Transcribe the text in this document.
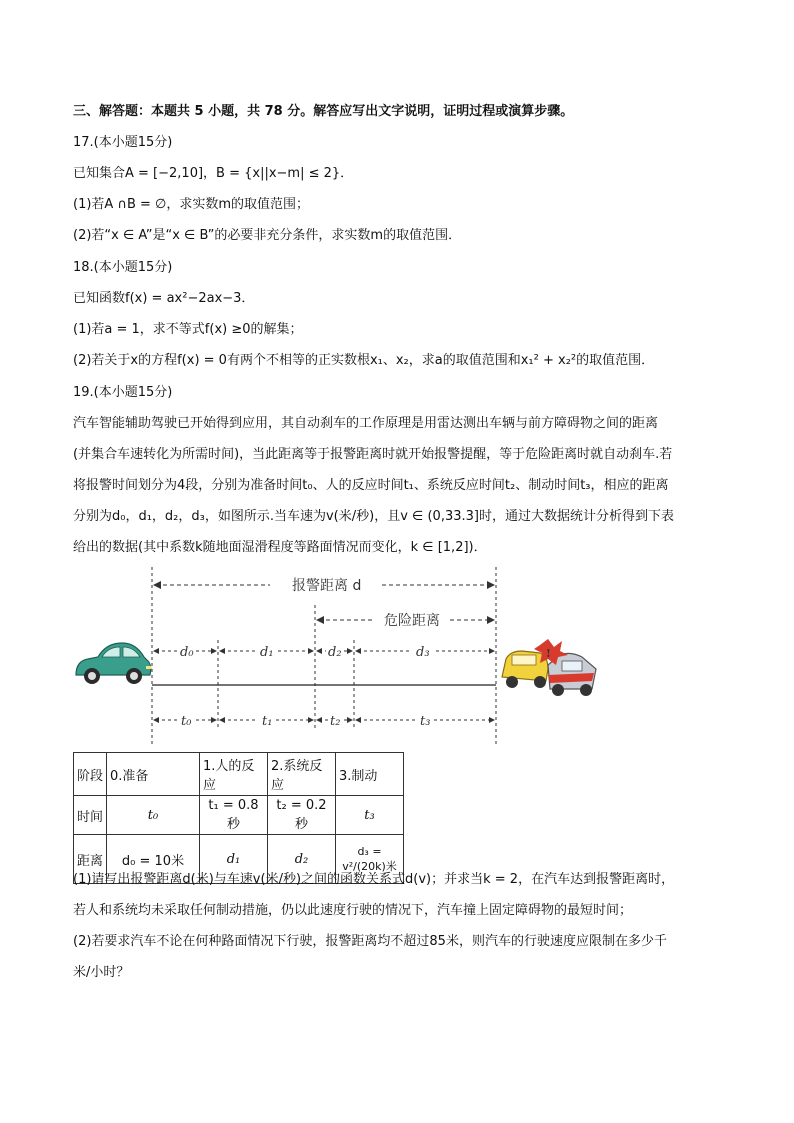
三、解答题：本题共 5 小题，共 78 分。解答应写出文字说明，证明过程或演算步骤。
17.(本小题15分)
已知集合A = [−2,10]，B = {x||x−m| ≤ 2}．
(1)若A ∩B = ∅，求实数m的取值范围；
(2)若“x ∈ A”是“x ∈ B”的必要非充分条件，求实数m的取值范围．
18.(本小题15分)
已知函数f(x) = ax²−2ax−3．
(1)若a = 1，求不等式f(x) ≥0的解集；
(2)若关于x的方程f(x) = 0有两个不相等的正实数根x₁、x₂，求a的取值范围和x₁² + x₂²的取值范围．
19.(本小题15分)
汽车智能辅助驾驶已开始得到应用，其自动刹车的工作原理是用雷达测出车辆与前方障碍物之间的距离
(并集合车速转化为所需时间)，当此距离等于报警距离时就开始报警提醒，等于危险距离时就自动刹车.若
将报警时间划分为4段，分别为准备时间t₀、人的反应时间t₁、系统反应时间t₂、制动时间t₃，相应的距离
分别为d₀，d₁，d₂，d₃，如图所示.当车速为v(米/秒)，且v ∈ (0,33.3]时，通过大数据统计分析得到下表
给出的数据(其中系数k随地面湿滑程度等路面情况而变化，k ∈ [1,2])．
报警距离 d
危险距离
d₀	d₁	d₂	d₃
t₀	t₁	t₂	t₃
!
阶段	0.准备	1.人的反应	2.系统反应	3.制动
时间	t₀	t₁ = 0.8秒	t₂ = 0.2秒	t₃
距离	d₀ = 10米	d₁	d₂	d₃ = v²/(20k)米
(1)请写出报警距离d(米)与车速v(米/秒)之间的函数关系式d(v)；并求当k = 2，在汽车达到报警距离时，
若人和系统均未采取任何制动措施，仍以此速度行驶的情况下，汽车撞上固定障碍物的最短时间；
(2)若要求汽车不论在何种路面情况下行驶，报警距离均不超过85米，则汽车的行驶速度应限制在多少千
米/小时？
